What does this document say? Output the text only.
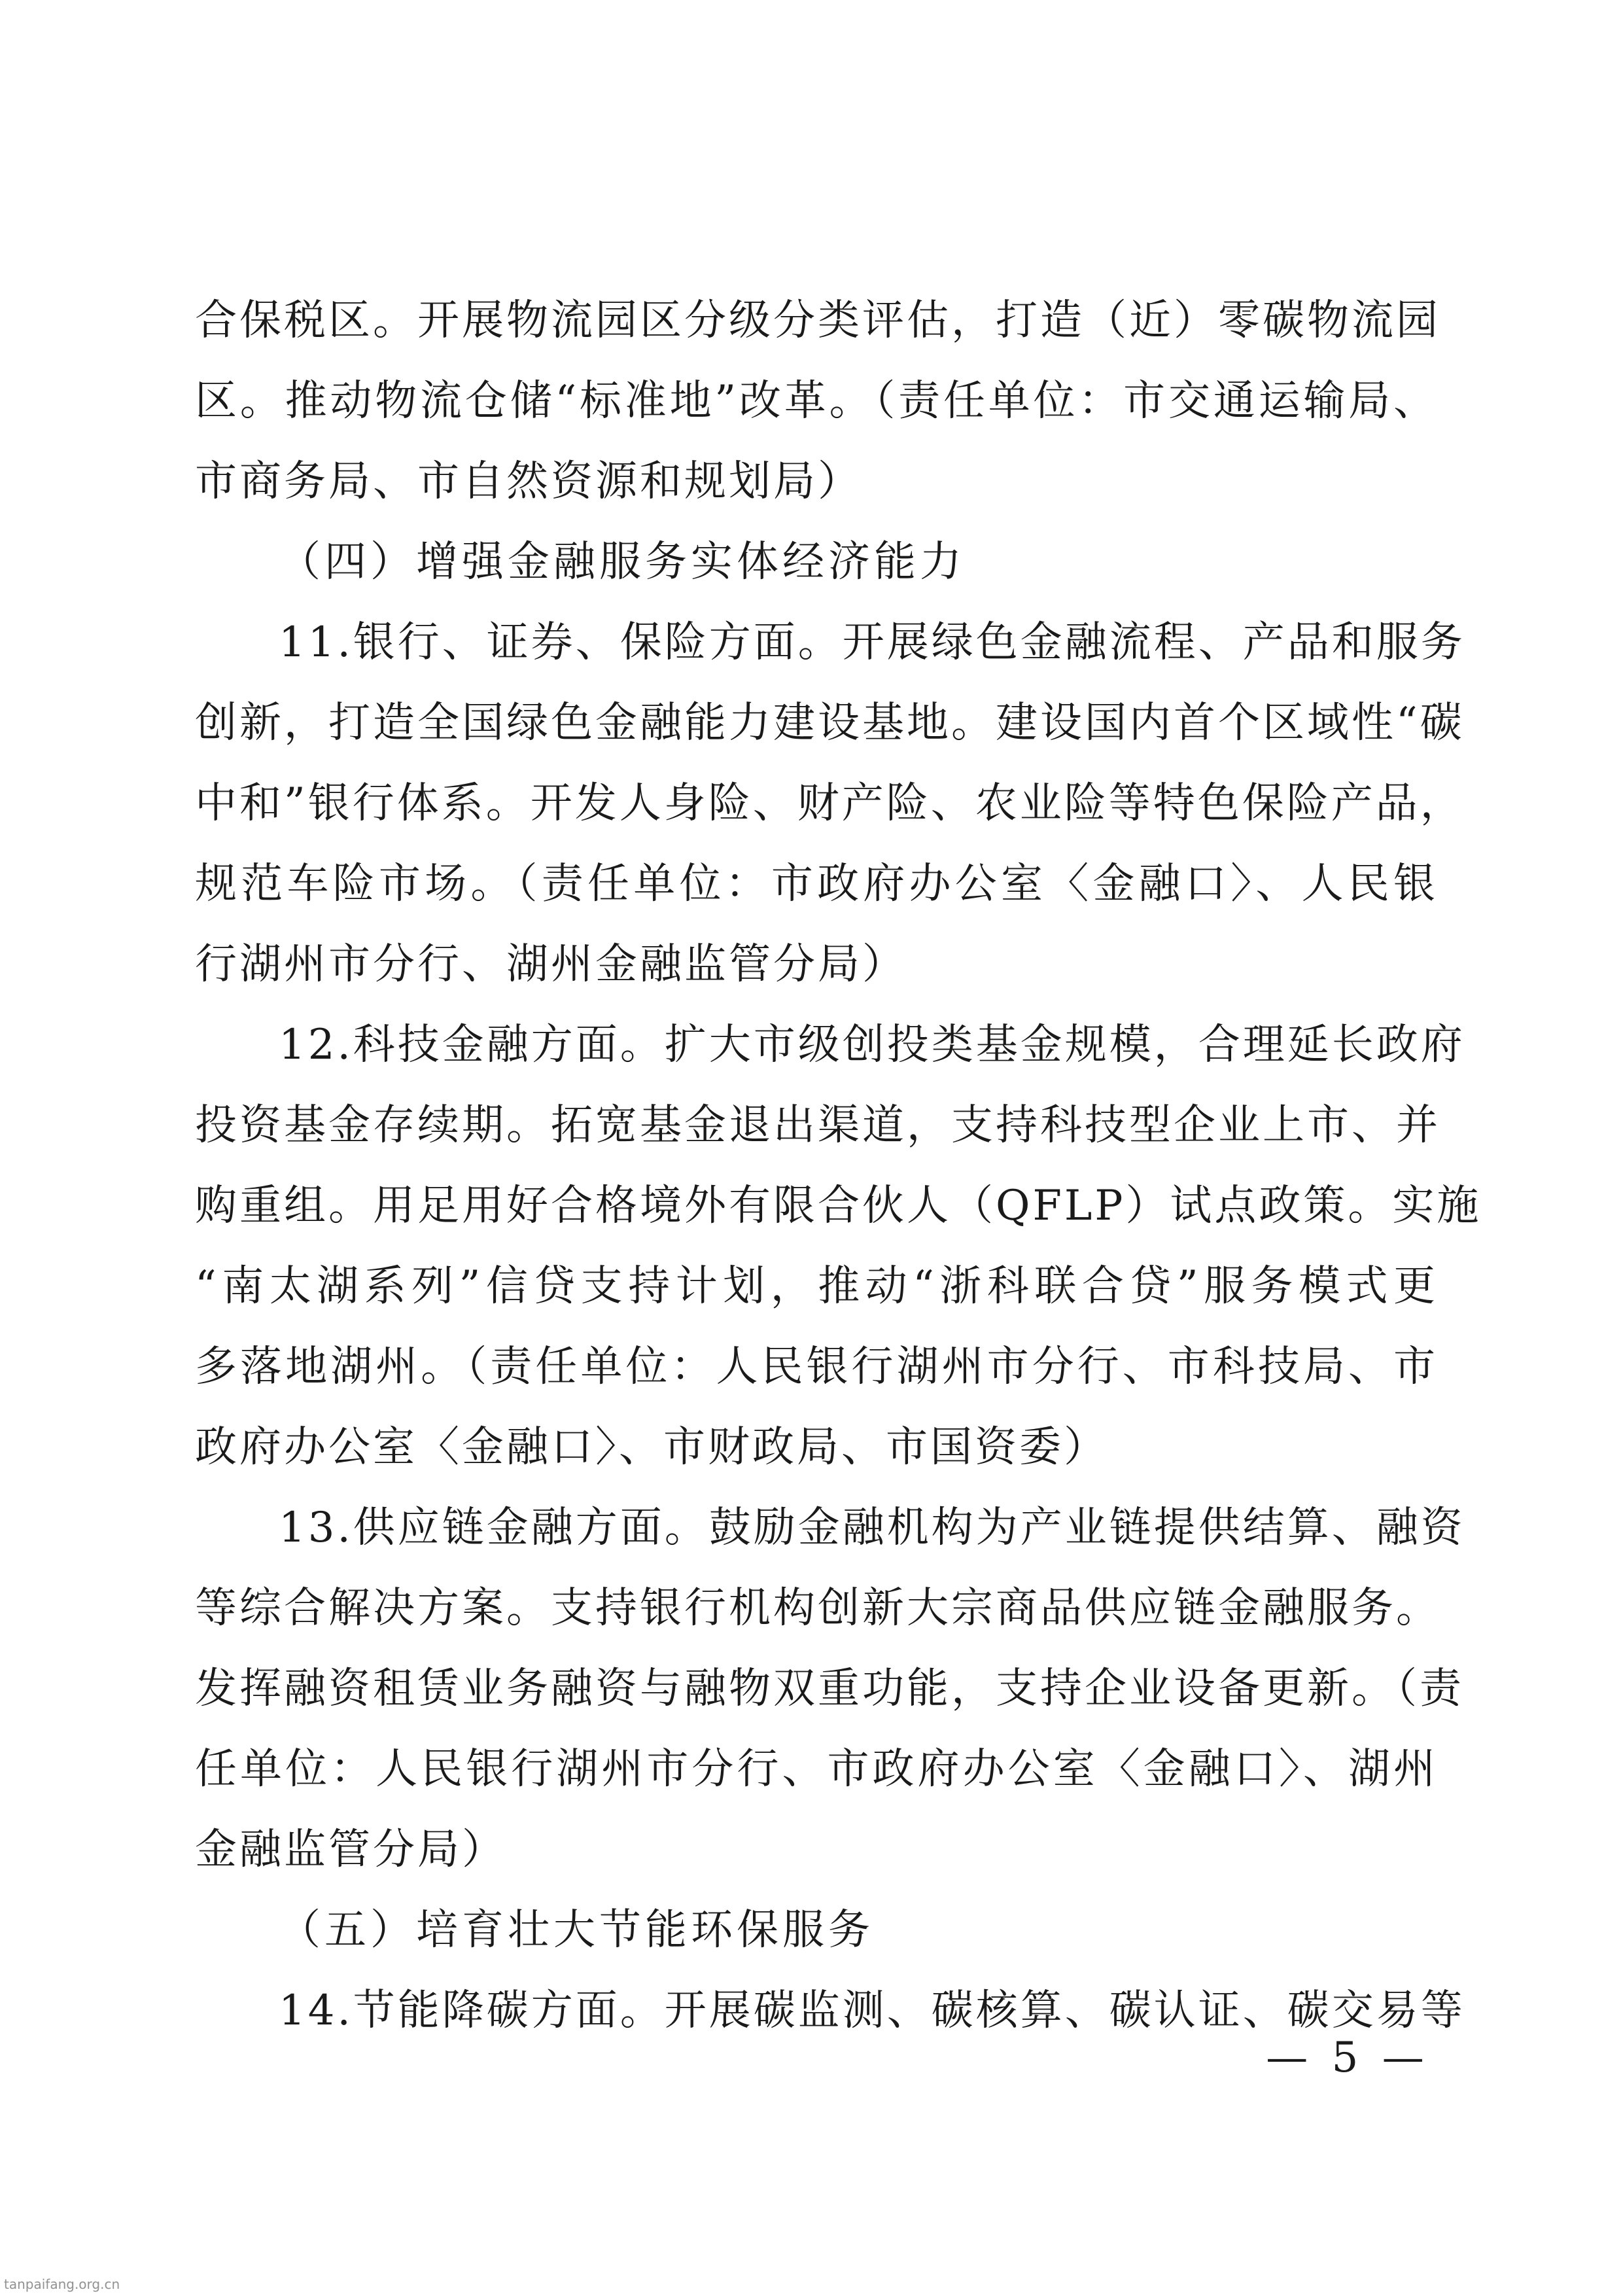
合保税区。开展物流园区分级分类评估，打造（近）零碳物流园
区。推动物流仓储“标准地”改革。（责任单位：市交通运输局、
市商务局、市自然资源和规划局）
（四）增强金融服务实体经济能力
11.银行、证券、保险方面。开展绿色金融流程、产品和服务
创新，打造全国绿色金融能力建设基地。建设国内首个区域性“碳
中和”银行体系。开发人身险、财产险、农业险等特色保险产品，
规范车险市场。（责任单位：市政府办公室〈金融口〉、人民银
行湖州市分行、湖州金融监管分局）
12.科技金融方面。扩大市级创投类基金规模，合理延长政府
投资基金存续期。拓宽基金退出渠道，支持科技型企业上市、并
购重组。用足用好合格境外有限合伙人（QFLP）试点政策。实施
“南太湖系列”信贷支持计划，推动“浙科联合贷”服务模式更
多落地湖州。（责任单位：人民银行湖州市分行、市科技局、市
政府办公室〈金融口〉、市财政局、市国资委）
13.供应链金融方面。鼓励金融机构为产业链提供结算、融资
等综合解决方案。支持银行机构创新大宗商品供应链金融服务。
发挥融资租赁业务融资与融物双重功能，支持企业设备更新。（责
任单位：人民银行湖州市分行、市政府办公室〈金融口〉、湖州
金融监管分局）
（五）培育壮大节能环保服务
14.节能降碳方面。开展碳监测、碳核算、碳认证、碳交易等
— 5 —
tanpaifang.org.cn
